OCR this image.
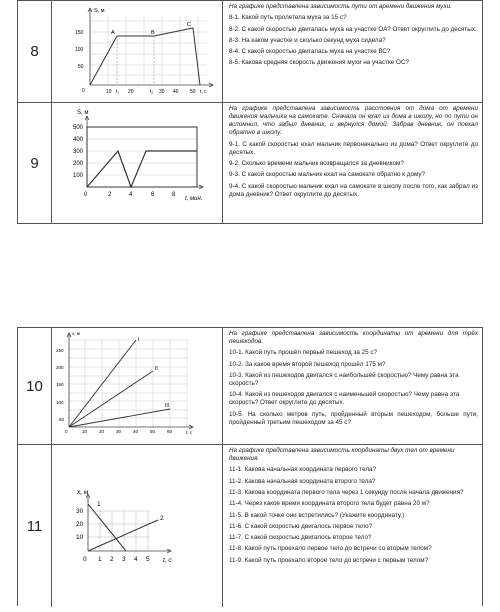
8
S, м
t, с
150
100
50
0	10	20	30 40 50
t₁	t₂
A	B
C

На графике представлена зависимость пути от времени движения мухи.

8-1. Какой путь пролетела муха за 15 с?

8-2. С какой скоростью двигалась муха на участке ОА? Ответ округлить до десятых.

8-3. На каком участке и сколько секунд муха сидела?

8-4. С какой скоростью двигалась муха на участке ВС?

8-5. Какова средняя скорость движения мухи на участке ОС?

9
S, м
t, мин.
500
400
300
200
100
0	2	4	6	8

На графике представлена зависимость расстояния от дома от времени движения мальчика на самокате. Сначала он ехал из дома в школу, но по пути он вспомнил, что забыл дневник, и вернулся домой. Забрав дневник, он поехал обратно в школу.

9-1. С какой скоростью ехал мальчик первоначально из дома? Ответ округлите до десятых.

9-2. Сколько времени мальчик возвращался за дневником?

9-3. С какой скоростью мальчик ехал на самокате обратно к дому?

9-4. С какой скоростью мальчик ехал на самокате в школу после того, как забрал из дома дневник? Ответ округлите до десятых.

10
x, м
t, c
250
200
150
100
50
0	10	20	30	40	50	60
I
II
III

На графике представлена зависимость координаты от времени для трёх пешеходов.

10-1. Какой путь прошёл первый пешеход за 25 с?

10-2. За какое время второй пешеход прошёл 175 м?

10-3. Какой из пешеходов двигался с наибольшей скоростью? Чему равна эта скорость?

10-4. Какой из пешеходов двигался с наименьшей скоростью? Чему равна эта скорость? Ответ округлите до десятых.

10-5. На сколько метров путь, пройденный вторым пешеходом, больше пути, пройденный третьим пешеходом за 45 с?

11
x, м
t, c
30
20
10
0 1 2 3 4 5
1
2

На графике представлена зависимость координаты двух тел от времени движения.

11-1. Какова начальная координата первого тела?

11-2. Какова начальная координата второго тела?

11-3. Какова координата первого тела через 1 секунду после начала движения?

11-4. Через какое время координата второго тела будет равна 20 м?

11-5. В какой точке они встретились? (Укажите координату.)

11-6. С какой скоростью двигалось первое тело?

11-7. С какой скоростью двигалось второе тело?

11-8. Какой путь проехало первое тело до встречи со вторым телом?

11-9. Какой путь проехало второе тело до встречи с первым телом?
